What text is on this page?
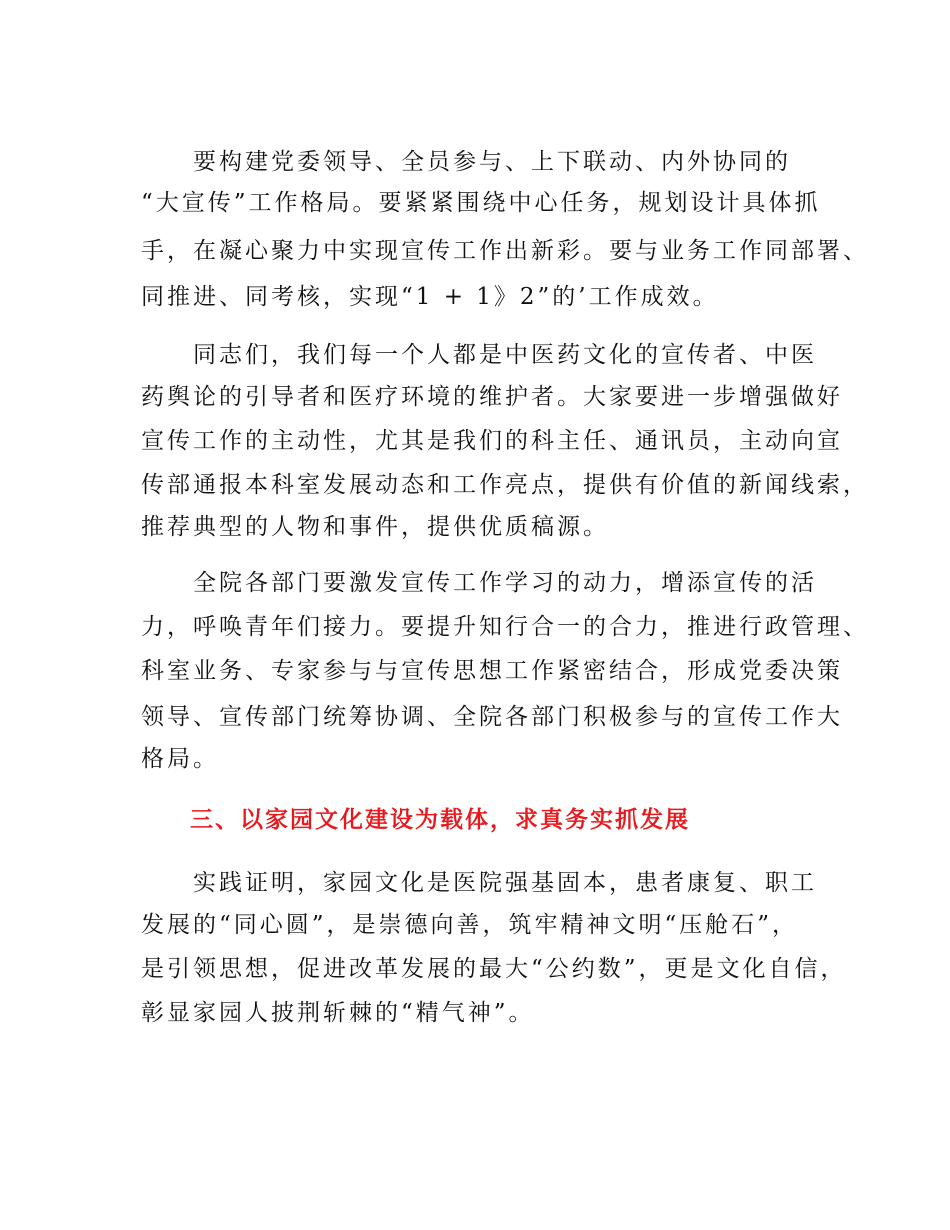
要构建党委领导、全员参与、上下联动、内外协同的
“大宣传”工作格局。要紧紧围绕中心任务，规划设计具体抓
手，在凝心聚力中实现宣传工作出新彩。要与业务工作同部署、
同推进、同考核，实现“1 + 1》2”的’工作成效。
同志们，我们每一个人都是中医药文化的宣传者、中医
药舆论的引导者和医疗环境的维护者。大家要进一步增强做好
宣传工作的主动性，尤其是我们的科主任、通讯员，主动向宣
传部通报本科室发展动态和工作亮点，提供有价值的新闻线索，
推荐典型的人物和事件，提供优质稿源。
全院各部门要激发宣传工作学习的动力，增添宣传的活
力，呼唤青年们接力。要提升知行合一的合力，推进行政管理、
科室业务、专家参与与宣传思想工作紧密结合，形成党委决策
领导、宣传部门统筹协调、全院各部门积极参与的宣传工作大
格局。
三、以家园文化建设为载体，求真务实抓发展
实践证明，家园文化是医院强基固本，患者康复、职工
发展的“同心圆”，是崇德向善，筑牢精神文明“压舱石”，
是引领思想，促进改革发展的最大“公约数”，更是文化自信，
彰显家园人披荆斩棘的“精气神”。
